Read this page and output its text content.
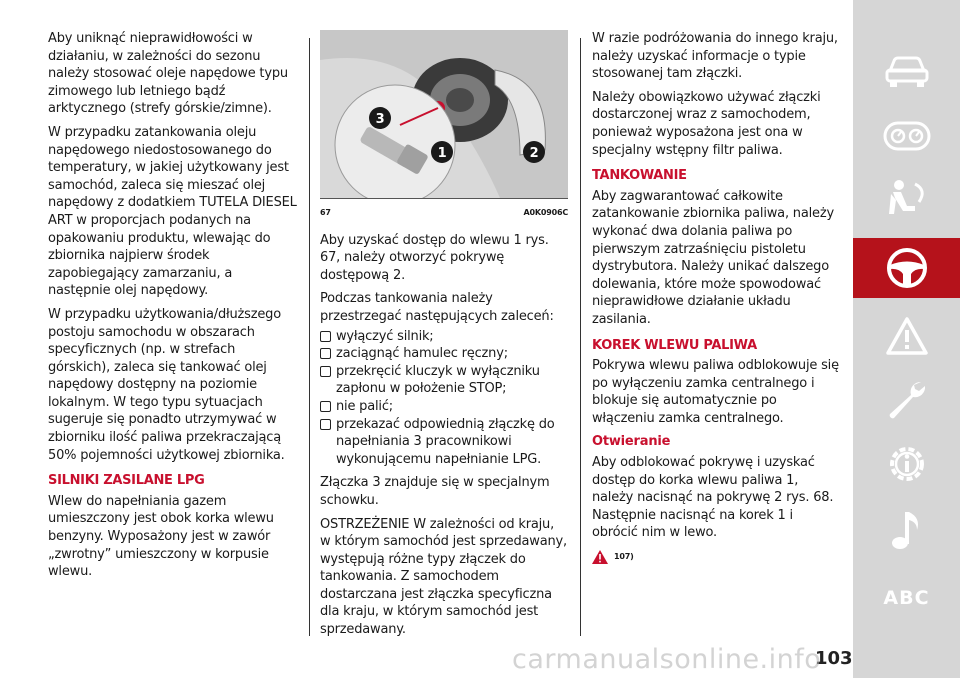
Aby uniknąć nieprawidłowości w działaniu, w zależności do sezonu należy stosować oleje napędowe typu zimowego lub letniego bądź arktycznego (strefy górskie/zimne).

W przypadku zatankowania oleju napędowego niedostosowanego do temperatury, w jakiej użytkowany jest samochód, zaleca się mieszać olej napędowy z dodatkiem TUTELA DIESEL ART w proporcjach podanych na opakowaniu produktu, wlewając do zbiornika najpierw środek zapobiegający zamarzaniu, a następnie olej napędowy.

W przypadku użytkowania/dłuższego postoju samochodu w obszarach specyficznych (np. w strefach górskich), zaleca się tankować olej napędowy dostępny na poziomie lokalnym. W tego typu sytuacjach sugeruje się ponadto utrzymywać w zbiorniku ilość paliwa przekraczającą 50% pojemności użytkowej zbiornika.

SILNIKI ZASILANE LPG

Wlew do napełniania gazem umieszczony jest obok korka wlewu benzyny. Wyposażony jest w zawór „zwrotny” umieszczony w korpusie wlewu.

1	2
3
67	A0K0906C

Aby uzyskać dostęp do wlewu 1 rys. 67, należy otworzyć pokrywę dostępową 2.

Podczas tankowania należy przestrzegać następujących zaleceń:

wyłączyć silnik;
zaciągnąć hamulec ręczny;
przekręcić kluczyk w wyłączniku zapłonu w położenie STOP;
nie palić;
przekazać odpowiednią złączkę do napełniania 3 pracownikowi wykonującemu napełnianie LPG.

Złączka 3 znajduje się w specjalnym schowku.

OSTRZEŻENIE W zależności od kraju, w którym samochód jest sprzedawany, występują różne typy złączek do tankowania. Z samochodem dostarczana jest złączka specyficzna dla kraju, w którym samochód jest sprzedawany.

W razie podróżowania do innego kraju, należy uzyskać informacje o typie stosowanej tam złączki.

Należy obowiązkowo używać złączki dostarczonej wraz z samochodem, ponieważ wyposażona jest ona w specjalny wstępny filtr paliwa.

TANKOWANIE

Aby zagwarantować całkowite zatankowanie zbiornika paliwa, należy wykonać dwa dolania paliwa po pierwszym zatrzaśnięciu pistoletu dystrybutora. Należy unikać dalszego dolewania, które może spowodować nieprawidłowe działanie układu zasilania.

KOREK WLEWU PALIWA

Pokrywa wlewu paliwa odblokowuje się po wyłączeniu zamka centralnego i blokuje się automatycznie po włączeniu zamka centralnego.

Otwieranie

Aby odblokować pokrywę i uzyskać dostęp do korka wlewu paliwa 1, należy nacisnąć na pokrywę 2 rys. 68. Następnie nacisnąć na korek 1 i obrócić nim w lewo.

107)
ABC
103
carmanualsonline.info
